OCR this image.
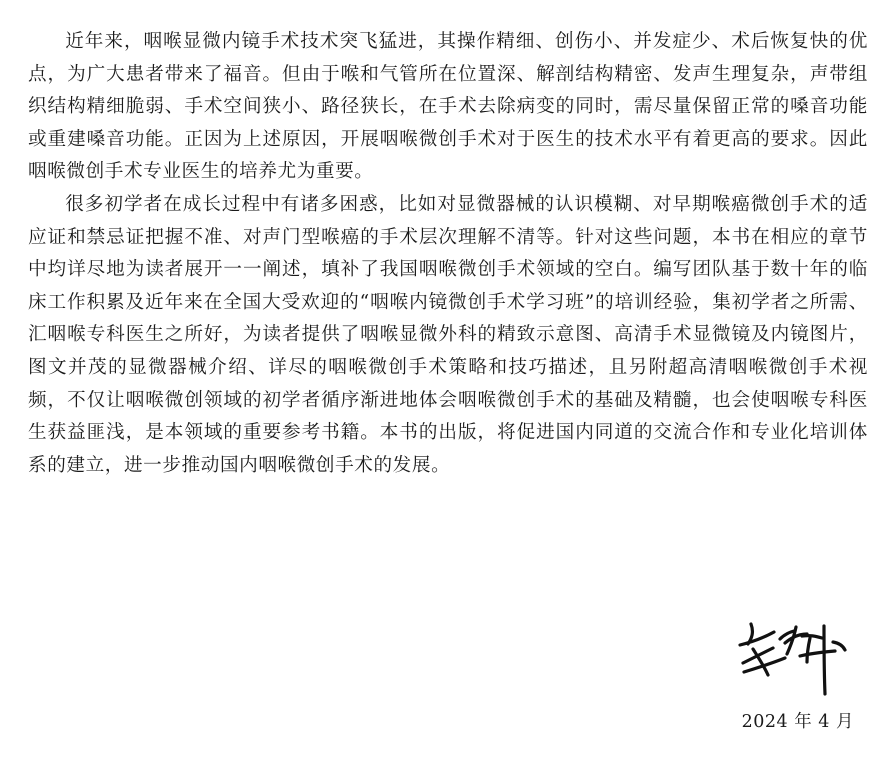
近年来，咽喉显微内镜手术技术突飞猛进，其操作精细、创伤小、并发症少、术后恢复快的优点，为广大患者带来了福音。但由于喉和气管所在位置深、解剖结构精密、发声生理复杂，声带组织结构精细脆弱、手术空间狭小、路径狭长，在手术去除病变的同时，需尽量保留正常的嗓音功能或重建嗓音功能。正因为上述原因，开展咽喉微创手术对于医生的技术水平有着更高的要求。因此咽喉微创手术专业医生的培养尤为重要。

很多初学者在成长过程中有诸多困惑，比如对显微器械的认识模糊、对早期喉癌微创手术的适应证和禁忌证把握不准、对声门型喉癌的手术层次理解不清等。针对这些问题，本书在相应的章节中均详尽地为读者展开一一阐述，填补了我国咽喉微创手术领域的空白。编写团队基于数十年的临床工作积累及近年来在全国大受欢迎的“咽喉内镜微创手术学习班”的培训经验，集初学者之所需、汇咽喉专科医生之所好，为读者提供了咽喉显微外科的精致示意图、高清手术显微镜及内镜图片，图文并茂的显微器械介绍、详尽的咽喉微创手术策略和技巧描述，且另附超高清咽喉微创手术视频，不仅让咽喉微创领域的初学者循序渐进地体会咽喉微创手术的基础及精髓，也会使咽喉专科医生获益匪浅，是本领域的重要参考书籍。本书的出版，将促进国内同道的交流合作和专业化培训体系的建立，进一步推动国内咽喉微创手术的发展。

2024 年 4 月
